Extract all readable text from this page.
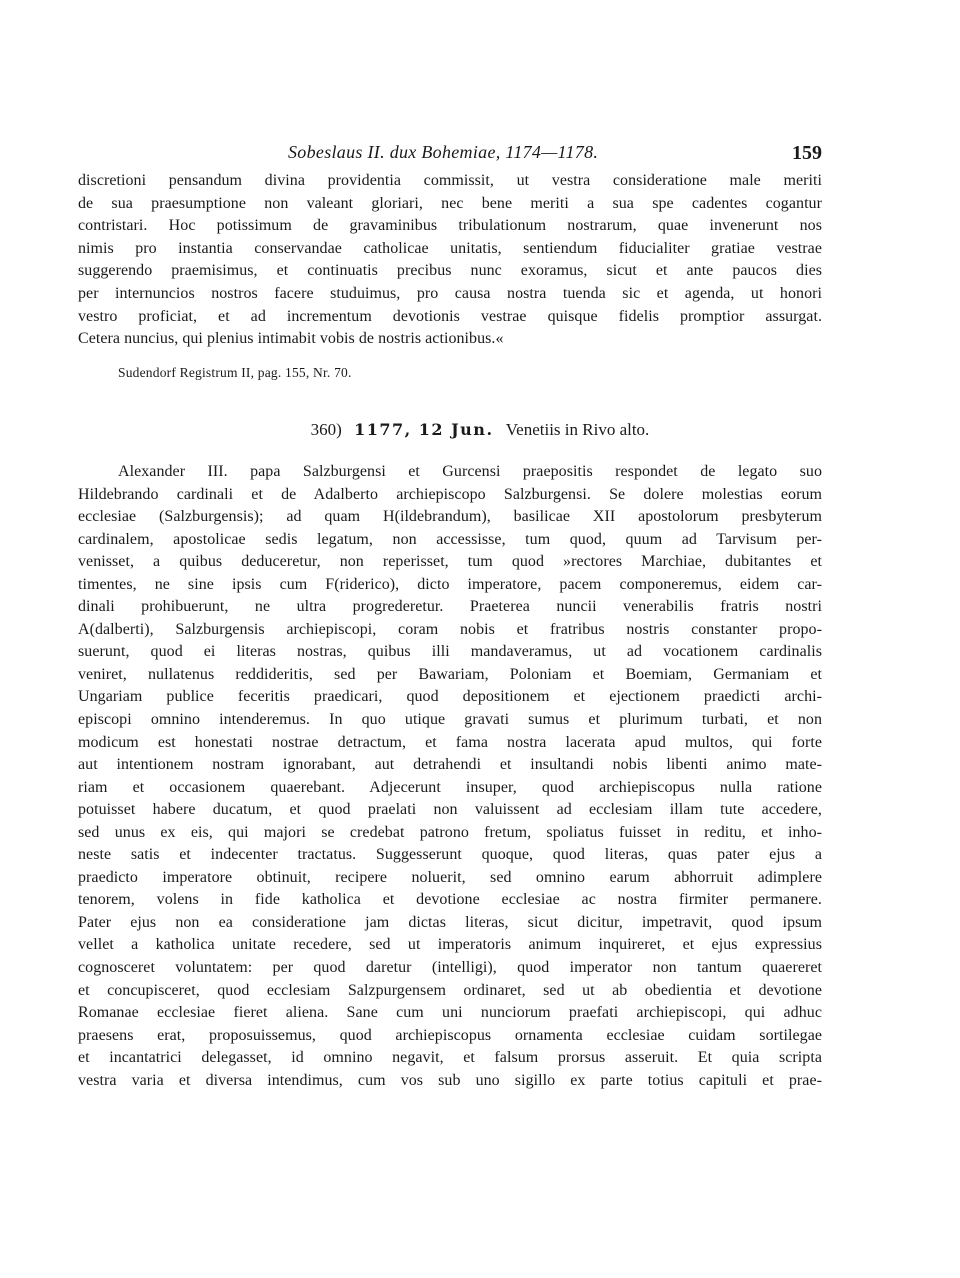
Sobeslaus II. dux Bohemiae, 1174—1178.	159
discretioni pensandum divina providentia commissit, ut vestra consideratione male meriti
de sua praesumptione non valeant gloriari, nec bene meriti a sua spe cadentes cogantur
contristari. Hoc potissimum de gravaminibus tribulationum nostrarum, quae invenerunt nos
nimis pro instantia conservandae catholicae unitatis, sentiendum fiducialiter gratiae vestrae
suggerendo praemisimus, et continuatis precibus nunc exoramus, sicut et ante paucos dies
per internuncios nostros facere studuimus, pro causa nostra tuenda sic et agenda, ut honori
vestro proficiat, et ad incrementum devotionis vestrae quisque fidelis promptior assurgat.
Cetera nuncius, qui plenius intimabit vobis de nostris actionibus.«
Sudendorf Registrum II, pag. 155, Nr. 70.
360) 1177, 12 Jun. Venetiis in Rivo alto.
Alexander III. papa Salzburgensi et Gurcensi praepositis respondet de legato suo
Hildebrando cardinali et de Adalberto archiepiscopo Salzburgensi. Se dolere molestias eorum
ecclesiae (Salzburgensis); ad quam H(ildebrandum), basilicae XII apostolorum presbyterum
cardinalem, apostolicae sedis legatum, non accessisse, tum quod, quum ad Tarvisum per-
venisset, a quibus deduceretur, non reperisset, tum quod »rectores Marchiae, dubitantes et
timentes, ne sine ipsis cum F(riderico), dicto imperatore, pacem componeremus, eidem car-
dinali prohibuerunt, ne ultra progrederetur. Praeterea nuncii venerabilis fratris nostri
A(dalberti), Salzburgensis archiepiscopi, coram nobis et fratribus nostris constanter propo-
suerunt, quod ei literas nostras, quibus illi mandaveramus, ut ad vocationem cardinalis
veniret, nullatenus reddideritis, sed per Bawariam, Poloniam et Boemiam, Germaniam et
Ungariam publice feceritis praedicari, quod depositionem et ejectionem praedicti archi-
episcopi omnino intenderemus. In quo utique gravati sumus et plurimum turbati, et non
modicum est honestati nostrae detractum, et fama nostra lacerata apud multos, qui forte
aut intentionem nostram ignorabant, aut detrahendi et insultandi nobis libenti animo mate-
riam et occasionem quaerebant. Adjecerunt insuper, quod archiepiscopus nulla ratione
potuisset habere ducatum, et quod praelati non valuissent ad ecclesiam illam tute accedere,
sed unus ex eis, qui majori se credebat patrono fretum, spoliatus fuisset in reditu, et inho-
neste satis et indecenter tractatus. Suggesserunt quoque, quod literas, quas pater ejus a
praedicto imperatore obtinuit, recipere noluerit, sed omnino earum abhorruit adimplere
tenorem, volens in fide katholica et devotione ecclesiae ac nostra firmiter permanere.
Pater ejus non ea consideratione jam dictas literas, sicut dicitur, impetravit, quod ipsum
vellet a katholica unitate recedere, sed ut imperatoris animum inquireret, et ejus expressius
cognosceret voluntatem: per quod daretur (intelligi), quod imperator non tantum quaereret
et concupisceret, quod ecclesiam Salzpurgensem ordinaret, sed ut ab obedientia et devotione
Romanae ecclesiae fieret aliena. Sane cum uni nunciorum praefati archiepiscopi, qui adhuc
praesens erat, proposuissemus, quod archiepiscopus ornamenta ecclesiae cuidam sortilegae
et incantatrici delegasset, id omnino negavit, et falsum prorsus asseruit. Et quia scripta
vestra varia et diversa intendimus, cum vos sub uno sigillo ex parte totius capituli et prae-
